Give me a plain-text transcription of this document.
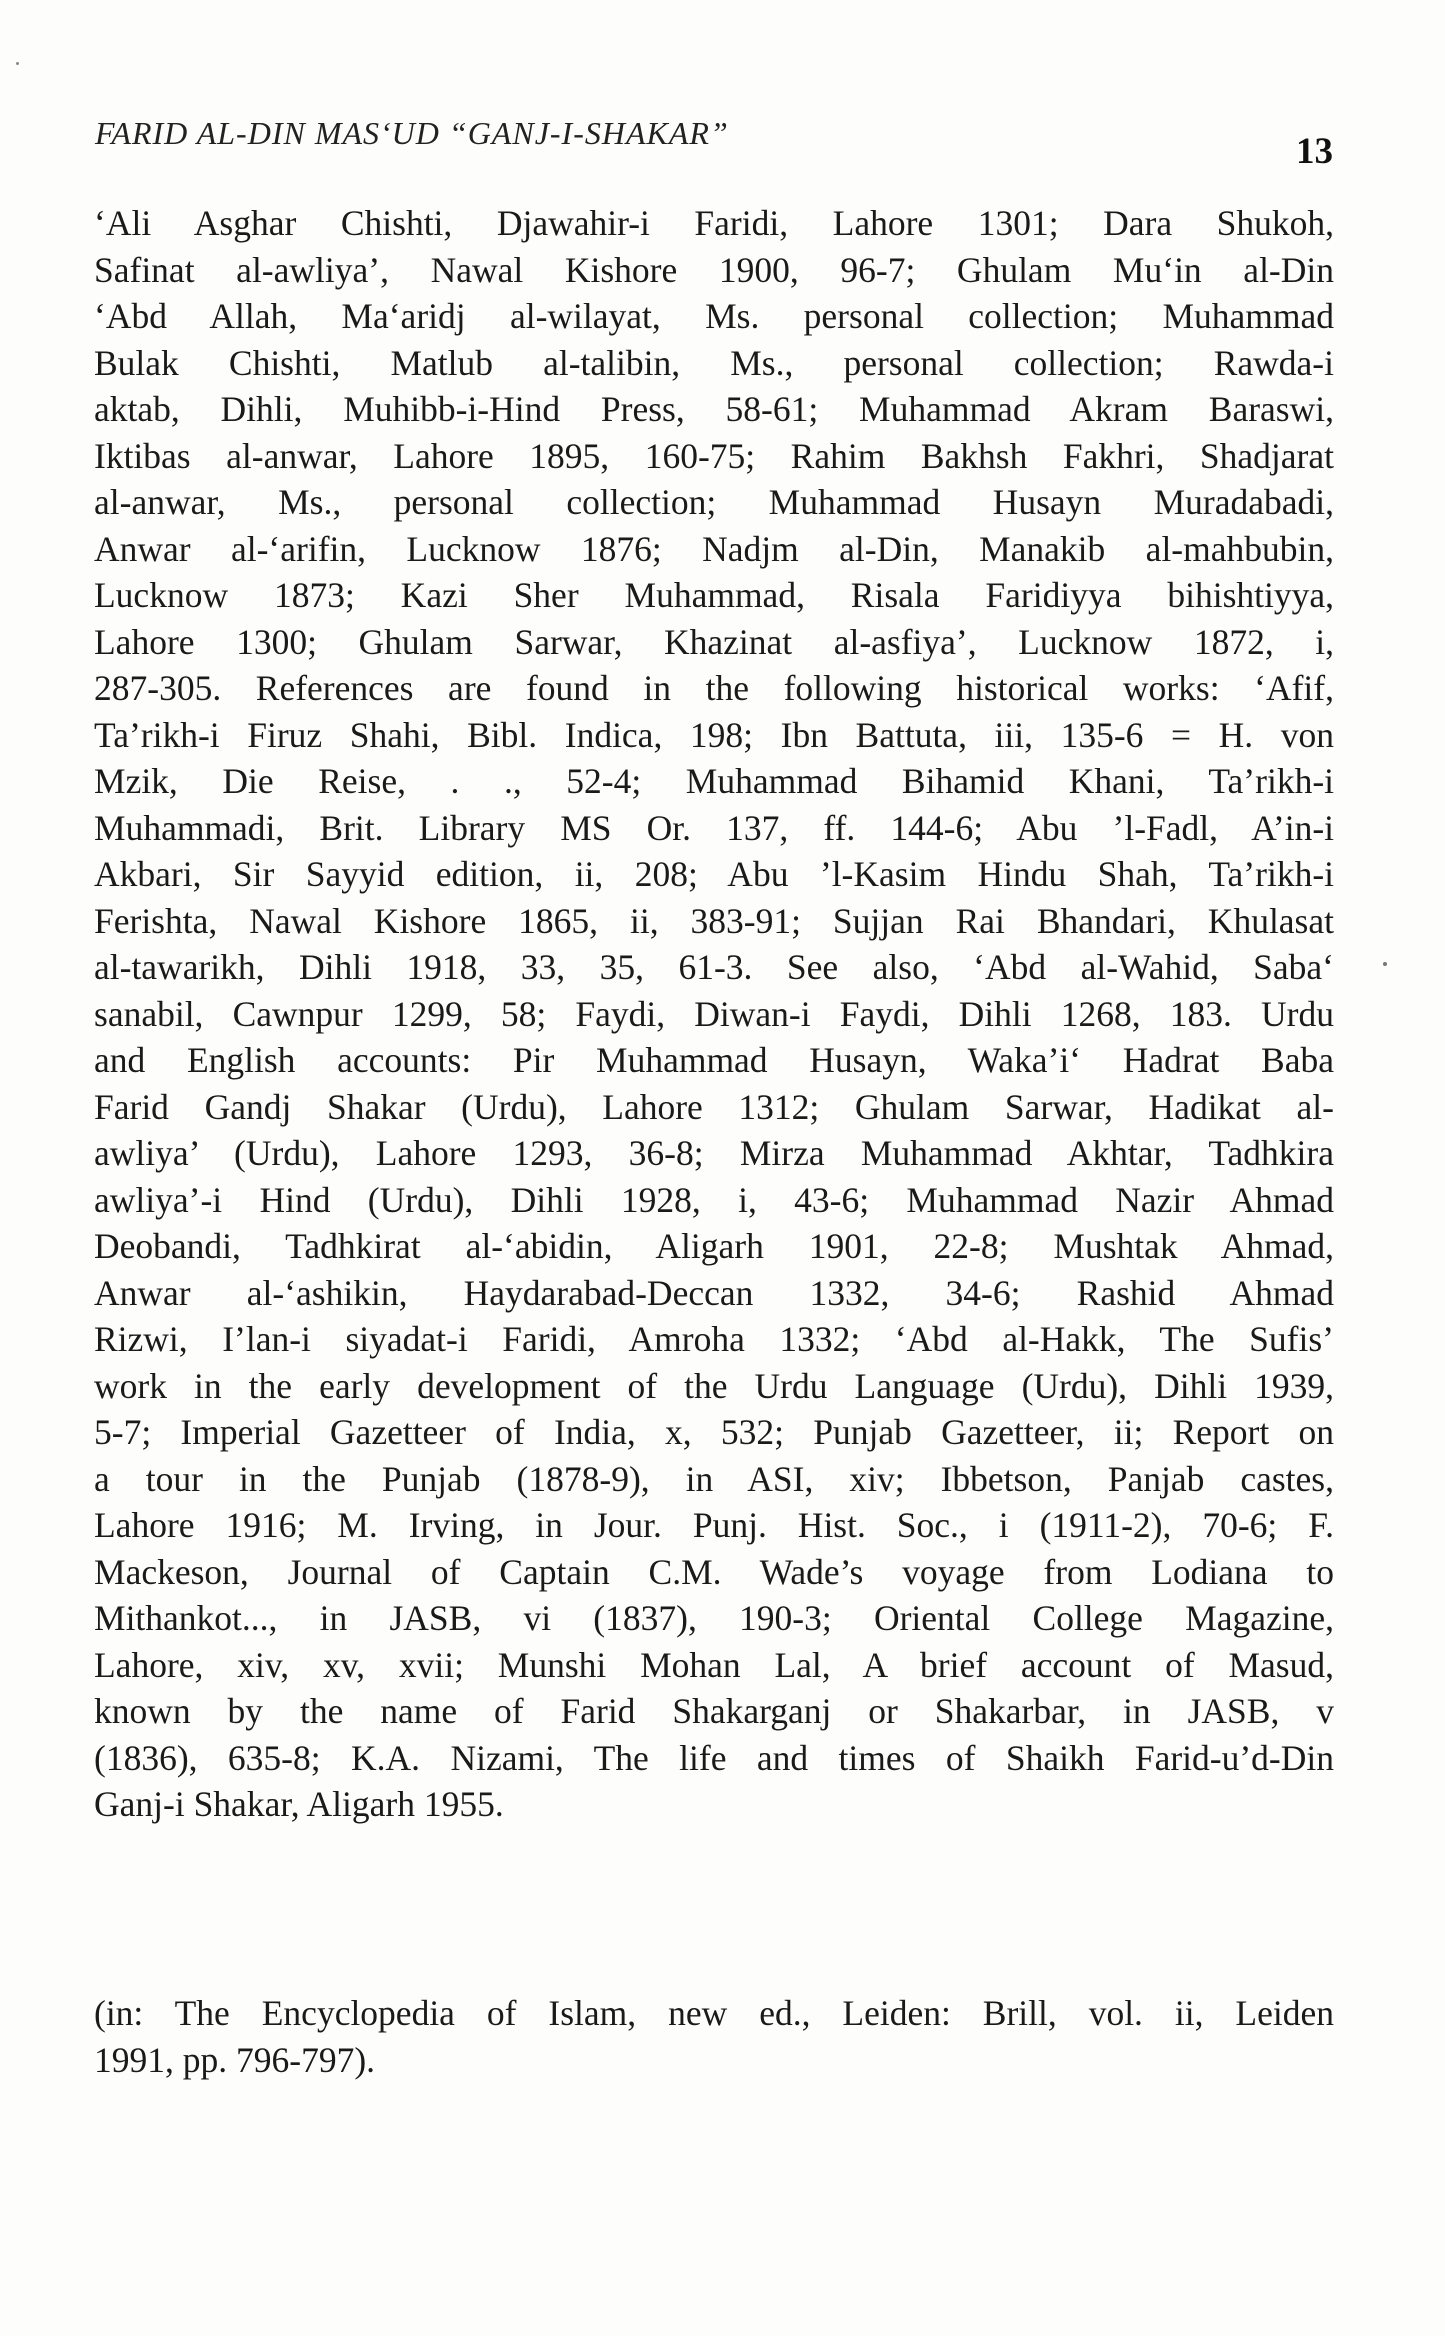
FARID AL-DIN MAS‘UD “GANJ-I-SHAKAR”	13
‘Ali Asghar Chishti, Djawahir-i Faridi, Lahore 1301; Dara Shukoh,
Safinat al-awliya’, Nawal Kishore 1900, 96-7; Ghulam Mu‘in al-Din
‘Abd Allah, Ma‘aridj al-wilayat, Ms. personal collection; Muhammad
Bulak Chishti, Matlub al-talibin, Ms., personal collection; Rawda-i
aktab, Dihli, Muhibb-i-Hind Press, 58-61; Muhammad Akram Baraswi,
Iktibas al-anwar, Lahore 1895, 160-75; Rahim Bakhsh Fakhri, Shadjarat
al-anwar, Ms., personal collection; Muhammad Husayn Muradabadi,
Anwar al-‘arifin, Lucknow 1876; Nadjm al-Din, Manakib al-mahbubin,
Lucknow 1873; Kazi Sher Muhammad, Risala Faridiyya bihishtiyya,
Lahore 1300; Ghulam Sarwar, Khazinat al-asfiya’, Lucknow 1872, i,
287-305. References are found in the following historical works: ‘Afif,
Ta’rikh-i Firuz Shahi, Bibl. Indica, 198; Ibn Battuta, iii, 135-6 = H. von
Mzik, Die Reise, . ., 52-4; Muhammad Bihamid Khani, Ta’rikh-i
Muhammadi, Brit. Library MS Or. 137, ff. 144-6; Abu ’l-Fadl, A’in-i
Akbari, Sir Sayyid edition, ii, 208; Abu ’l-Kasim Hindu Shah, Ta’rikh-i
Ferishta, Nawal Kishore 1865, ii, 383-91; Sujjan Rai Bhandari, Khulasat
al-tawarikh, Dihli 1918, 33, 35, 61-3. See also, ‘Abd al-Wahid, Saba‘
sanabil, Cawnpur 1299, 58; Faydi, Diwan-i Faydi, Dihli 1268, 183. Urdu
and English accounts: Pir Muhammad Husayn, Waka’i‘ Hadrat Baba
Farid Gandj Shakar (Urdu), Lahore 1312; Ghulam Sarwar, Hadikat al-
awliya’ (Urdu), Lahore 1293, 36-8; Mirza Muhammad Akhtar, Tadhkira
awliya’-i Hind (Urdu), Dihli 1928, i, 43-6; Muhammad Nazir Ahmad
Deobandi, Tadhkirat al-‘abidin, Aligarh 1901, 22-8; Mushtak Ahmad,
Anwar al-‘ashikin, Haydarabad-Deccan 1332, 34-6; Rashid Ahmad
Rizwi, I’lan-i siyadat-i Faridi, Amroha 1332; ‘Abd al-Hakk, The Sufis’
work in the early development of the Urdu Language (Urdu), Dihli 1939,
5-7; Imperial Gazetteer of India, x, 532; Punjab Gazetteer, ii; Report on
a tour in the Punjab (1878-9), in ASI, xiv; Ibbetson, Panjab castes,
Lahore 1916; M. Irving, in Jour. Punj. Hist. Soc., i (1911-2), 70-6; F.
Mackeson, Journal of Captain C.M. Wade’s voyage from Lodiana to
Mithankot..., in JASB, vi (1837), 190-3; Oriental College Magazine,
Lahore, xiv, xv, xvii; Munshi Mohan Lal, A brief account of Masud,
known by the name of Farid Shakarganj or Shakarbar, in JASB, v
(1836), 635-8; K.A. Nizami, The life and times of Shaikh Farid-u’d-Din
Ganj-i Shakar, Aligarh 1955.
(in: The Encyclopedia of Islam, new ed., Leiden: Brill, vol. ii, Leiden
1991, pp. 796-797).
